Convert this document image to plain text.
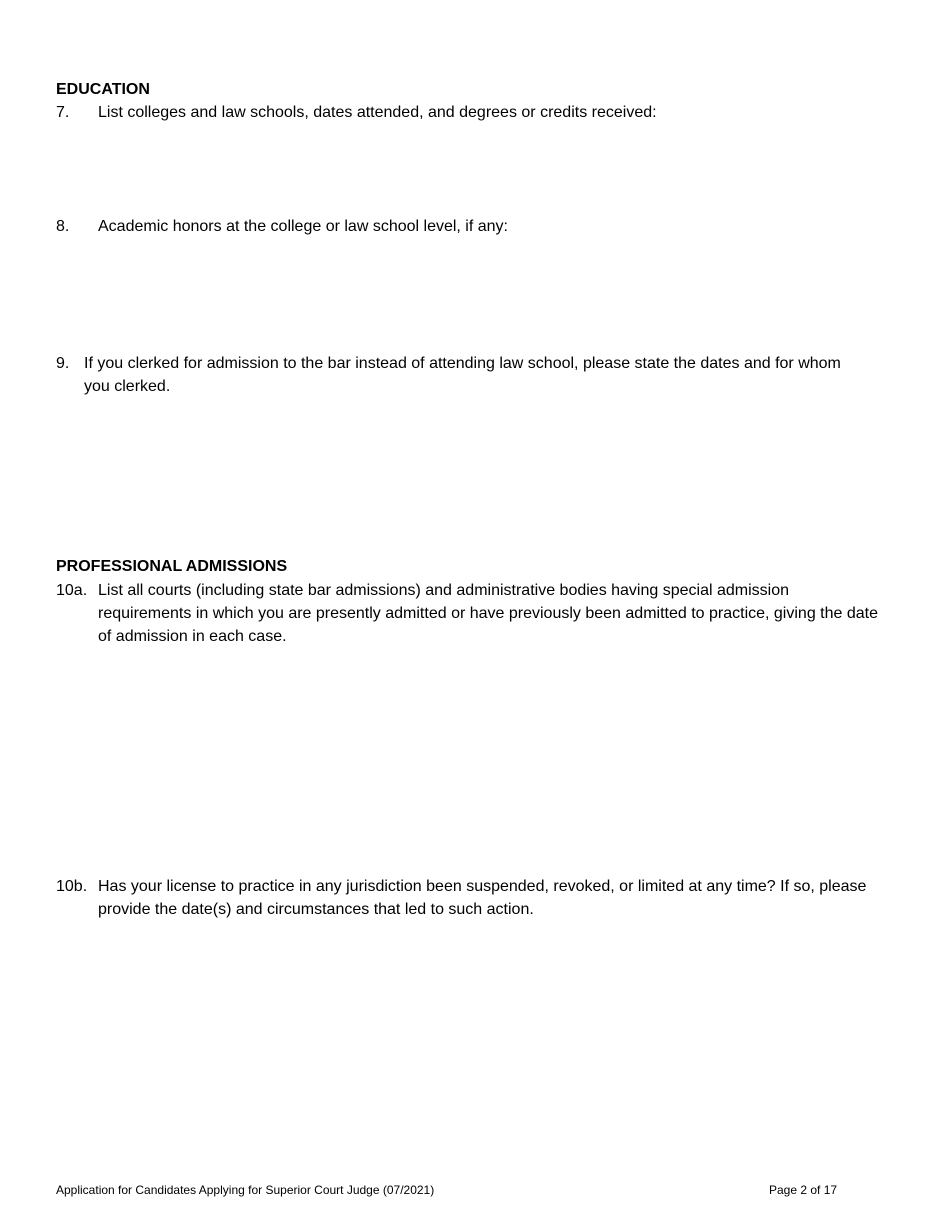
EDUCATION
7.	List colleges and law schools, dates attended, and degrees or credits received:
8.	Academic honors at the college or law school level, if any:
9. If you clerked for admission to the bar instead of attending law school, please state the dates and for whom you clerked.
PROFESSIONAL ADMISSIONS
10a. List all courts (including state bar admissions) and administrative bodies having special admission requirements in which you are presently admitted or have previously been admitted to practice, giving the date of admission in each case.
10b. Has your license to practice in any jurisdiction been suspended, revoked, or limited at any time? If so, please provide the date(s) and circumstances that led to such action.
Application for Candidates Applying for Superior Court Judge (07/2021)	Page 2 of 17
